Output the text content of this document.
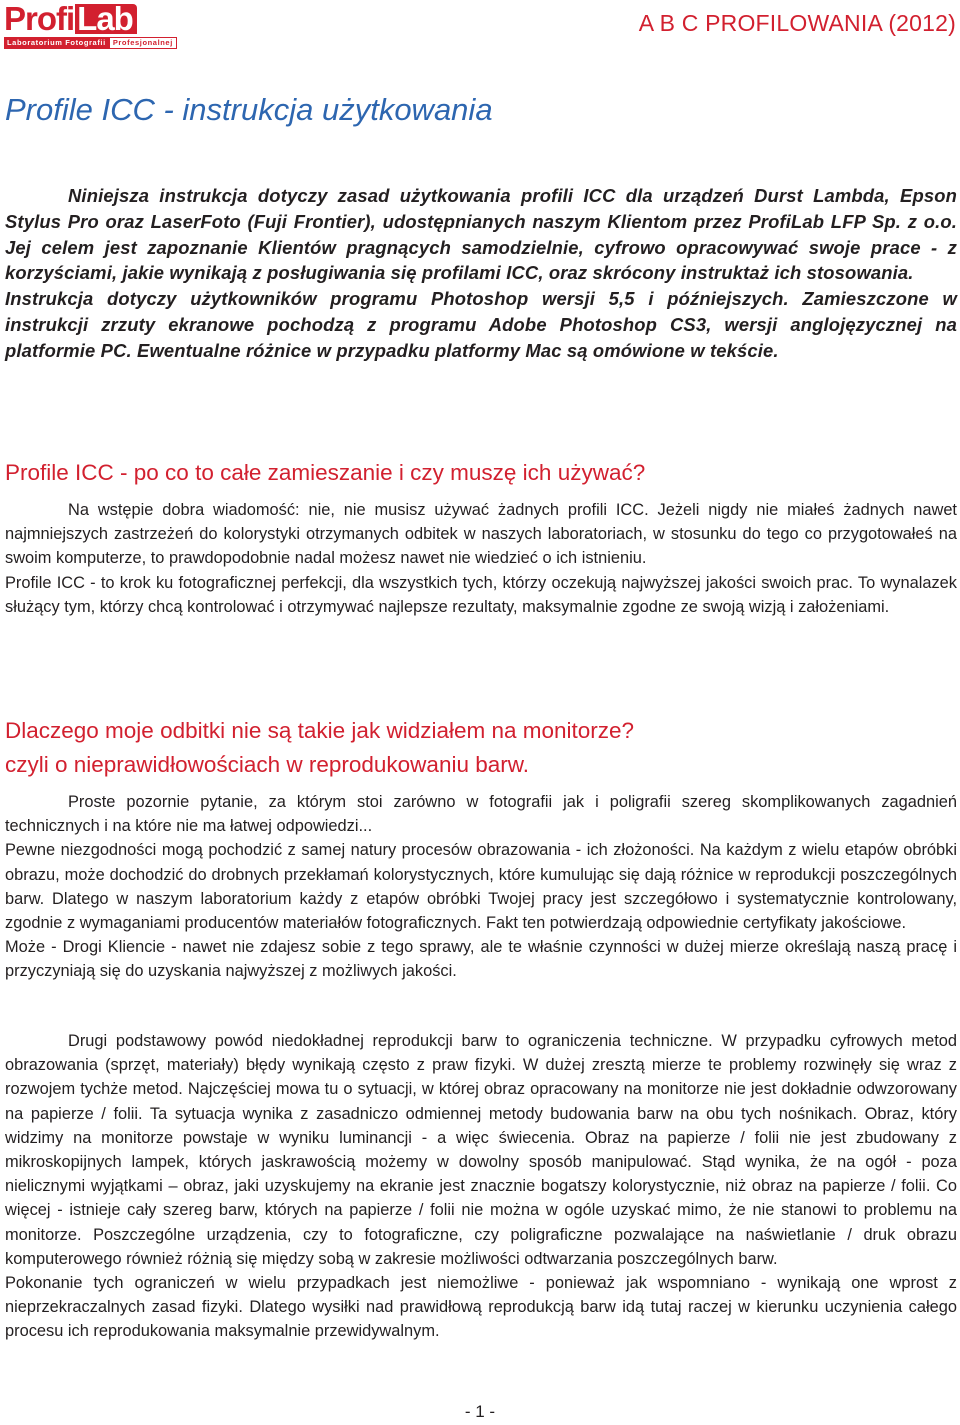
Profi Lab
Laboratorium Fotografii Profesjonalnej
A B C PROFILOWANIA (2012)
Profile ICC - instrukcja użytkowania

Niniejsza instrukcja dotyczy zasad użytkowania profili ICC dla urządzeń Durst Lambda, Epson Stylus Pro oraz LaserFoto (Fuji Frontier), udostępnianych naszym Klientom przez ProfiLab LFP Sp. z o.o. Jej celem jest zapoznanie Klientów pragnących samodzielnie, cyfrowo opracowywać swoje prace - z korzyściami, jakie wynikają z posługiwania się profilami ICC, oraz skrócony instruktaż ich stosowania.

Instrukcja dotyczy użytkowników programu Photoshop wersji 5,5 i późniejszych. Zamieszczone w instrukcji zrzuty ekranowe pochodzą z programu Adobe Photoshop CS3, wersji anglojęzycznej na platformie PC. Ewentualne różnice w przypadku platformy Mac są omówione w tekście.

Profile ICC - po co to całe zamieszanie i czy muszę ich używać?

Na wstępie dobra wiadomość: nie, nie musisz używać żadnych profili ICC. Jeżeli nigdy nie miałeś żadnych nawet najmniejszych zastrzeżeń do kolorystyki otrzymanych odbitek w naszych laboratoriach, w stosunku do tego co przygotowałeś na swoim komputerze, to prawdopodobnie nadal możesz nawet nie wiedzieć o ich istnieniu.

Profile ICC - to krok ku fotograficznej perfekcji, dla wszystkich tych, którzy oczekują najwyższej jakości swoich prac. To wynalazek służący tym, którzy chcą kontrolować i otrzymywać najlepsze rezultaty, maksymalnie zgodne ze swoją wizją i założeniami.

Dlaczego moje odbitki nie są takie jak widziałem na monitorze?
czyli o nieprawidłowościach w reprodukowaniu barw.

Proste pozornie pytanie, za którym stoi zarówno w fotografii jak i poligrafii szereg skomplikowanych zagadnień technicznych i na które nie ma łatwej odpowiedzi...

Pewne niezgodności mogą pochodzić z samej natury procesów obrazowania - ich złożoności. Na każdym z wielu etapów obróbki obrazu, może dochodzić do drobnych przekłamań kolorystycznych, które kumulując się dają różnice w reprodukcji poszczególnych barw. Dlatego w naszym laboratorium każdy z etapów obróbki Twojej pracy jest szczegółowo i systematycznie kontrolowany, zgodnie z wymaganiami producentów materiałów fotograficznych. Fakt ten potwierdzają odpowiednie certyfikaty jakościowe.

Może - Drogi Kliencie - nawet nie zdajesz sobie z tego sprawy, ale te właśnie czynności w dużej mierze określają naszą pracę i przyczyniają się do uzyskania najwyższej z możliwych jakości.

Drugi podstawowy powód niedokładnej reprodukcji barw to ograniczenia techniczne. W przypadku cyfrowych metod obrazowania (sprzęt, materiały) błędy wynikają często z praw fizyki. W dużej zresztą mierze te problemy rozwinęły się wraz z rozwojem tychże metod. Najczęściej mowa tu o sytuacji, w której obraz opracowany na monitorze nie jest dokładnie odwzorowany na papierze / folii. Ta sytuacja wynika z zasadniczo odmiennej metody budowania barw na obu tych nośnikach. Obraz, który widzimy na monitorze powstaje w wyniku luminancji - a więc świecenia. Obraz na papierze / folii nie jest zbudowany z mikroskopijnych lampek, których jaskrawością możemy w dowolny sposób manipulować. Stąd wynika, że na ogół - poza nielicznymi wyjątkami – obraz, jaki uzyskujemy na ekranie jest znacznie bogatszy kolorystycznie, niż obraz na papierze / folii. Co więcej - istnieje cały szereg barw, których na papierze / folii nie można w ogóle uzyskać mimo, że nie stanowi to problemu na monitorze. Poszczególne urządzenia, czy to fotograficzne, czy poligraficzne pozwalające na naświetlanie / druk obrazu komputerowego również różnią się między sobą w zakresie możliwości odtwarzania poszczególnych barw.

Pokonanie tych ograniczeń w wielu przypadkach jest niemożliwe - ponieważ jak wspomniano - wynikają one wprost z nieprzekraczalnych zasad fizyki. Dlatego wysiłki nad prawidłową reprodukcją barw idą tutaj raczej w kierunku uczynienia całego procesu ich reprodukowania maksymalnie przewidywalnym.

- 1 -
